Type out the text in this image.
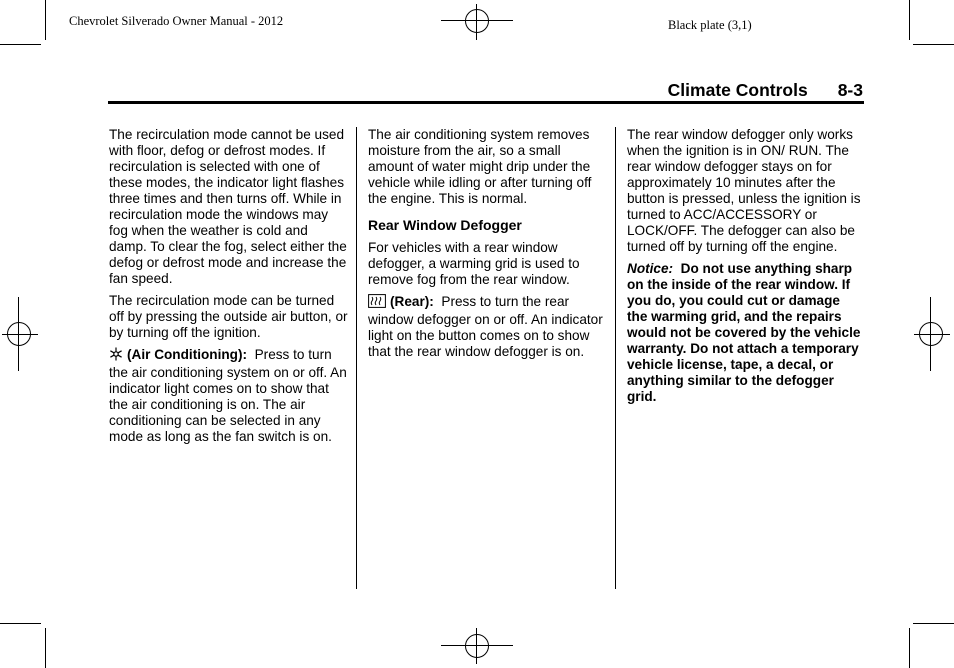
Chevrolet Silverado Owner Manual - 2012	Black plate (3,1)
Climate Controls 8-3

The recirculation mode cannot be used with floor, defog or defrost modes. If recirculation is selected with one of these modes, the indicator light flashes three times and then turns off. While in recirculation mode the windows may fog when the weather is cold and damp. To clear the fog, select either the defog or defrost mode and increase the fan speed.

The recirculation mode can be turned off by pressing the outside air button, or by turning off the ignition.

(Air Conditioning): Press to turn the air conditioning system on or off. An indicator light comes on to show that the air conditioning is on. The air conditioning can be selected in any mode as long as the fan switch is on.

The air conditioning system removes moisture from the air, so a small amount of water might drip under the vehicle while idling or after turning off the engine. This is normal.

Rear Window Defogger

For vehicles with a rear window defogger, a warming grid is used to remove fog from the rear window.

(Rear): Press to turn the rear window defogger on or off. An indicator light on the button comes on to show that the rear window defogger is on.

The rear window defogger only works when the ignition is in ON/ RUN. The rear window defogger stays on for approximately 10 minutes after the button is pressed, unless the ignition is turned to ACC/ACCESSORY or LOCK/OFF. The defogger can also be turned off by turning off the engine.

Notice: Do not use anything sharp on the inside of the rear window. If you do, you could cut or damage the warming grid, and the repairs would not be covered by the vehicle warranty. Do not attach a temporary vehicle license, tape, a decal, or anything similar to the defogger grid.
